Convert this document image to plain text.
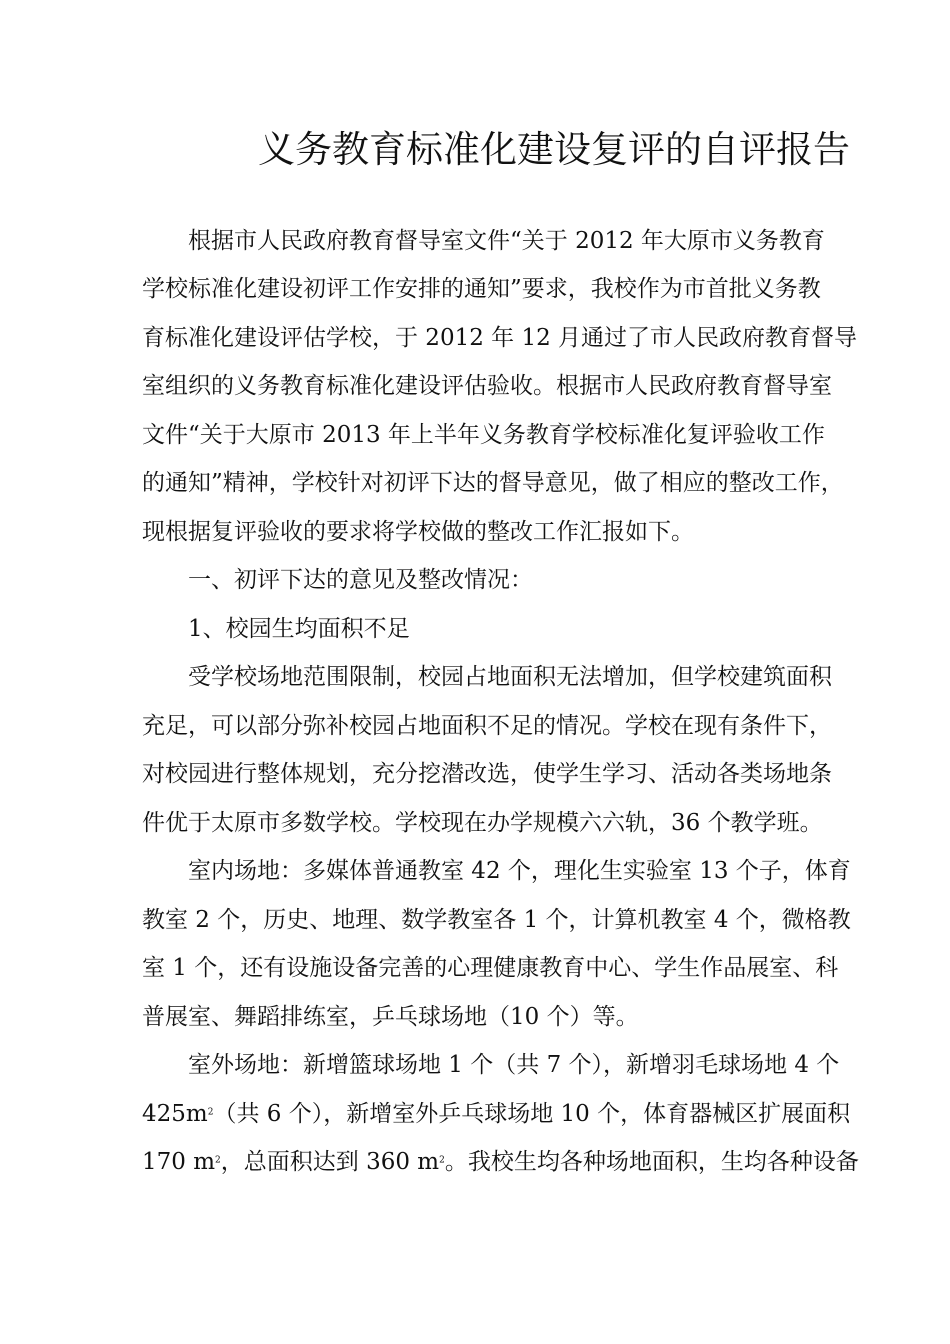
义务教育标准化建设复评的自评报告

根据市人民政府教育督导室文件“关于 2012 年大原市义务教育

学校标准化建设初评工作安排的通知”要求，我校作为市首批义务教

育标准化建设评估学校，于 2012 年 12 月通过了市人民政府教育督导

室组织的义务教育标准化建设评估验收。根据市人民政府教育督导室

文件“关于大原市 2013 年上半年义务教育学校标准化复评验收工作

的通知”精神，学校针对初评下达的督导意见，做了相应的整改工作，

现根据复评验收的要求将学校做的整改工作汇报如下。

一、初评下达的意见及整改情况：

1、校园生均面积不足

受学校场地范围限制，校园占地面积无法增加，但学校建筑面积

充足，可以部分弥补校园占地面积不足的情况。学校在现有条件下，

对校园进行整体规划，充分挖潜改选，使学生学习、活动各类场地条

件优于太原市多数学校。学校现在办学规模六六轨，36 个教学班。

室内场地：多媒体普通教室 42 个，理化生实验室 13 个子，体育

教室 2 个，历史、地理、数学教室各 1 个，计算机教室 4 个，微格教

室 1 个，还有设施设备完善的心理健康教育中心、学生作品展室、科

普展室、舞蹈排练室，乒乓球场地（10 个）等。

室外场地：新增篮球场地 1 个（共 7 个），新增羽毛球场地 4 个

$425m^2$（共 6 个），新增室外乒乓球场地 10 个，体育器械区扩展面积

170 $m^2$，总面积达到 360 $m^2$。我校生均各种场地面积，生均各种设备
